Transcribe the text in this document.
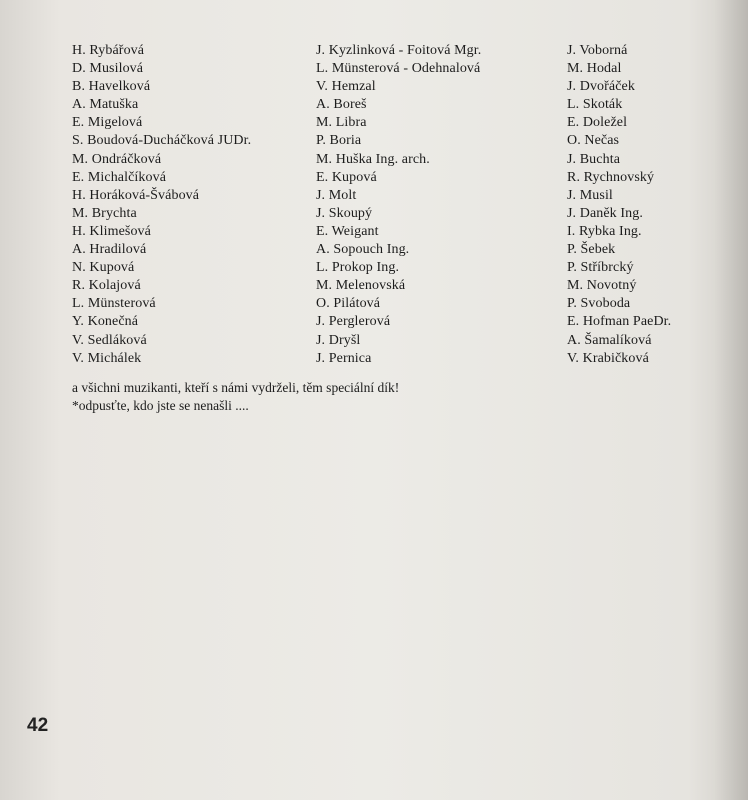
H. Rybářová
D. Musilová
B. Havelková
A. Matuška
E. Migelová
S. Boudová-Ducháčková JUDr.
M. Ondráčková
E. Michalčíková
H. Horáková-Švábová
M. Brychta
H. Klimešová
A. Hradilová
N. Kupová
R. Kolajová
L. Münsterová
Y. Konečná
V. Sedláková
V. Michálek
J. Kyzlinková - Foitová Mgr.
L. Münsterová - Odehnalová
V. Hemzal
A. Boreš
M. Libra
P. Boria
M. Huška Ing. arch.
E. Kupová
J. Molt
J. Skoupý
E. Weigant
A. Sopouch Ing.
L. Prokop Ing.
M. Melenovská
O. Pilátová
J. Perglerová
J. Dryšl
J. Pernica
J. Voborná
M. Hodal
J. Dvořáček
L. Skoták
E. Doležel
O. Nečas
J. Buchta
R. Rychnovský
J. Musil
J. Daněk Ing.
I. Rybka Ing.
P. Šebek
P. Stříbrcký
M. Novotný
P. Svoboda
E. Hofman PaeDr.
A. Šamalíková
V. Krabičková
a všichni muzikanti, kteří s námi vydrželi, těm speciální dík!
*odpusťte, kdo jste se nenašli ....
42
